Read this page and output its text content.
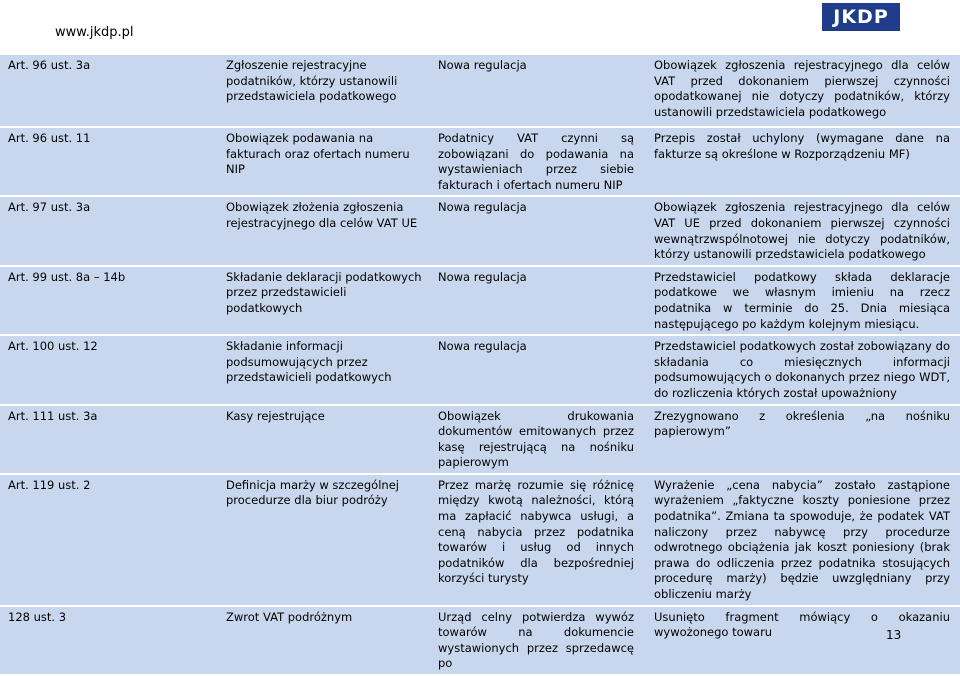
www.jkdp.pl
JKDP
Art. 96 ust. 3a	Zgłoszenie rejestracyjne podatników, którzy ustanowili przedstawiciela podatkowego	Nowa regulacja	Obowiązek zgłoszenia rejestracyjnego dla celów VAT przed dokonaniem pierwszej czynności opodatkowanej nie dotyczy podatników, którzy ustanowili przedstawiciela podatkowego
Art. 96 ust. 11	Obowiązek podawania na fakturach oraz ofertach numeru NIP	Podatnicy VAT czynni są zobowiązani do podawania na wystawieniach przez siebie fakturach i ofertach numeru NIP	Przepis został uchylony (wymagane dane na fakturze są określone w Rozporządzeniu MF)
Art. 97 ust. 3a	Obowiązek złożenia zgłoszenia rejestracyjnego dla celów VAT UE	Nowa regulacja	Obowiązek zgłoszenia rejestracyjnego dla celów VAT UE przed dokonaniem pierwszej czynności wewnątrzwspólnotowej nie dotyczy podatników, którzy ustanowili przedstawiciela podatkowego
Art. 99 ust. 8a – 14b	Składanie deklaracji podatkowych przez przedstawicieli podatkowych	Nowa regulacja	Przedstawiciel podatkowy składa deklaracje podatkowe we własnym imieniu na rzecz podatnika w terminie do 25. Dnia miesiąca następującego po każdym kolejnym miesiącu.
Art. 100 ust. 12	Składanie informacji podsumowujących przez przedstawicieli podatkowych	Nowa regulacja	Przedstawiciel podatkowych został zobowiązany do składania co miesięcznych informacji podsumowujących o dokonanych przez niego WDT, do rozliczenia których został upoważniony
Art. 111 ust. 3a	Kasy rejestrujące	Obowiązek drukowania dokumentów emitowanych przez kasę rejestrującą na nośniku papierowym	Zrezygnowano z określenia „na nośniku papierowym”
Art. 119 ust. 2	Definicja marży w szczególnej procedurze dla biur podróży	Przez marżę rozumie się różnicę między kwotą należności, którą ma zapłacić nabywca usługi, a ceną nabycia przez podatnika towarów i usług od innych podatników dla bezpośredniej korzyści turysty	Wyrażenie „cena nabycia” zostało zastąpione wyrażeniem „faktyczne koszty poniesione przez podatnika”. Zmiana ta spowoduje, że podatek VAT naliczony przez nabywcę przy procedurze odwrotnego obciążenia jak koszt poniesiony (brak prawa do odliczenia przez podatnika stosujących procedurę marży) będzie uwzględniany przy obliczeniu marży
128 ust. 3	Zwrot VAT podróżnym	Urząd celny potwierdza wywóz towarów na dokumencie wystawionych przez sprzedawcę po	Usunięto fragment mówiący o okazaniu wywożonego towaru	13
